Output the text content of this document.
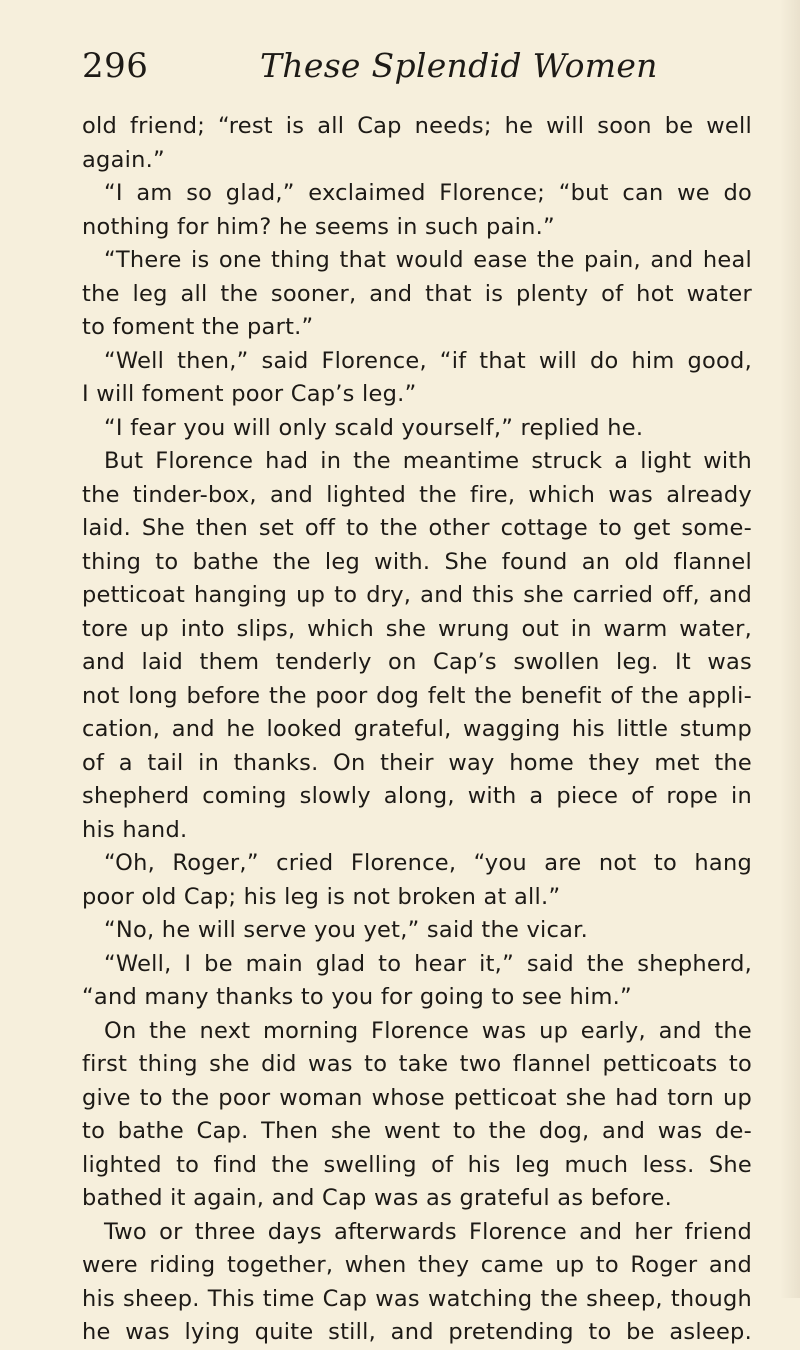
296	These Splendid Women
old friend; “rest is all Cap needs; he will soon be well
again.”
“I am so glad,” exclaimed Florence; “but can we do
nothing for him? he seems in such pain.”
“There is one thing that would ease the pain, and heal
the leg all the sooner, and that is plenty of hot water
to foment the part.”
“Well then,” said Florence, “if that will do him good,
I will foment poor Cap’s leg.”
“I fear you will only scald yourself,” replied he.
But Florence had in the meantime struck a light with
the tinder-box, and lighted the fire, which was already
laid. She then set off to the other cottage to get some-
thing to bathe the leg with. She found an old flannel
petticoat hanging up to dry, and this she carried off, and
tore up into slips, which she wrung out in warm water,
and laid them tenderly on Cap’s swollen leg. It was
not long before the poor dog felt the benefit of the appli-
cation, and he looked grateful, wagging his little stump
of a tail in thanks. On their way home they met the
shepherd coming slowly along, with a piece of rope in
his hand.
“Oh, Roger,” cried Florence, “you are not to hang
poor old Cap; his leg is not broken at all.”
“No, he will serve you yet,” said the vicar.
“Well, I be main glad to hear it,” said the shepherd,
“and many thanks to you for going to see him.”
On the next morning Florence was up early, and the
first thing she did was to take two flannel petticoats to
give to the poor woman whose petticoat she had torn up
to bathe Cap. Then she went to the dog, and was de-
lighted to find the swelling of his leg much less. She
bathed it again, and Cap was as grateful as before.
Two or three days afterwards Florence and her friend
were riding together, when they came up to Roger and
his sheep. This time Cap was watching the sheep, though
he was lying quite still, and pretending to be asleep.
